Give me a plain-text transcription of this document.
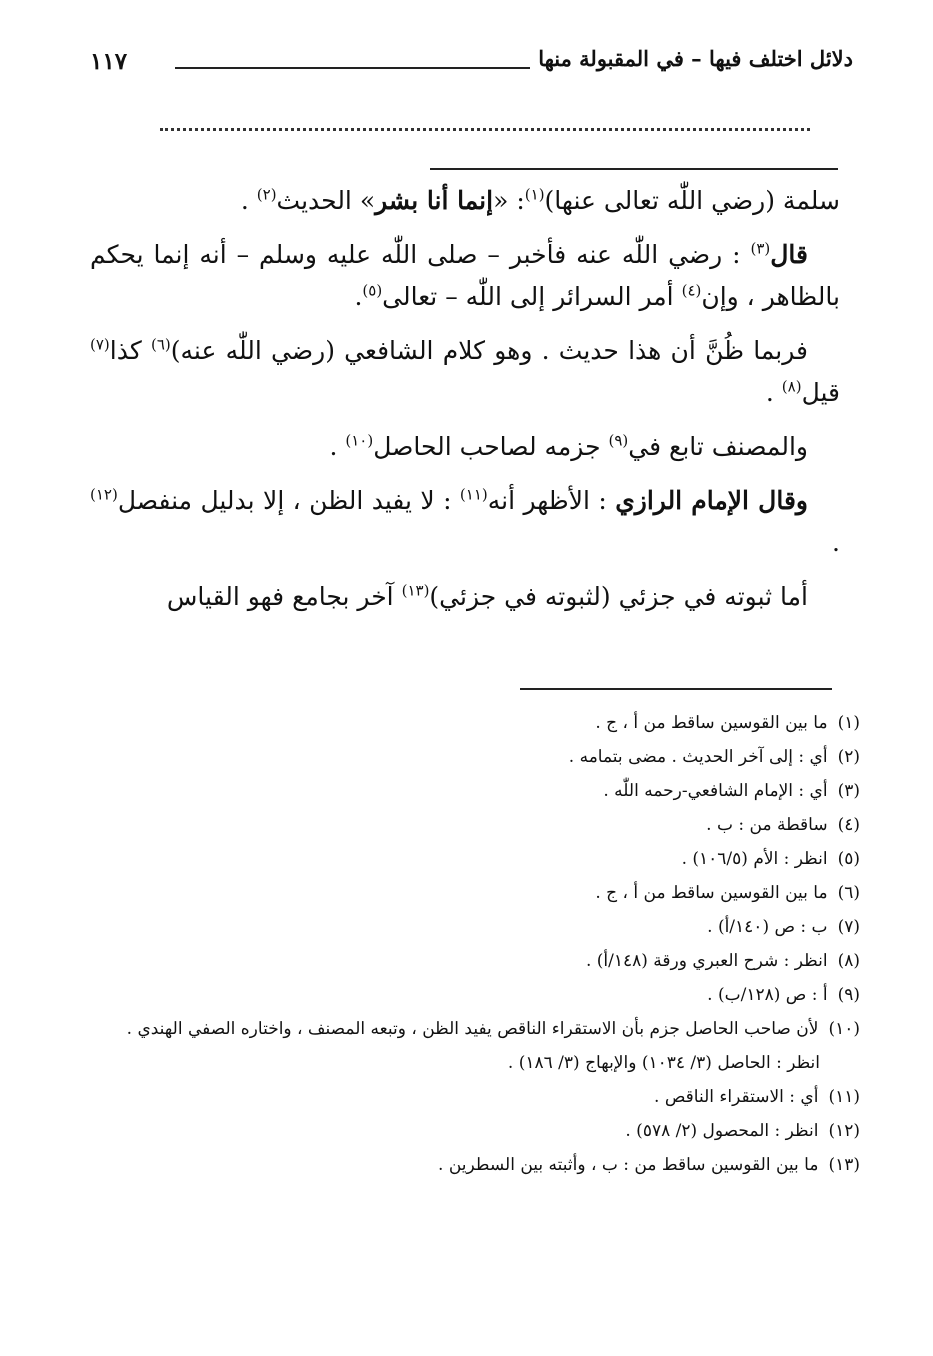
دلائل اختلف فيها – في المقبولة منها
١١٧

سلمة (رضي اللّٰه تعالى عنها)$^{(١)}$: «إنما أنا بشر» الحديث$^{(٢)}$ .

قال$^{(٣)}$ : رضي اللّٰه عنه فأخبر – صلى اللّٰه عليه وسلم – أنه إنما يحكم بالظاهر ، وإن$^{(٤)}$ أمر السرائر إلى اللّٰه – تعالى$^{(٥)}$.

فربما ظُنَّ أن هذا حديث . وهو كلام الشافعي (رضي اللّٰه عنه)$^{(٦)}$ كذا$^{(٧)}$ قيل$^{(٨)}$ .

والمصنف تابع في$^{(٩)}$ جزمه لصاحب الحاصل$^{(١٠)}$ .

وقال الإمام الرازي : الأظهر أنه$^{(١١)}$ : لا يفيد الظن ، إلا بدليل منفصل$^{(١٢)}$ .

أما ثبوته في جزئي (لثبوته في جزئي)$^{(١٣)}$ آخر بجامع فهو القياس

(١)
ما بين القوسين ساقط من أ ، ج .
(٢)
أي : إلى آخر الحديث . مضى بتمامه .
(٣)
أي : الإمام الشافعي-رحمه اللّٰه .
(٤)
ساقطة من : ب .
(٥)
انظر : الأم (١٠٦/٥) .
(٦)
ما بين القوسين ساقط من أ ، ج .
(٧)
ب : ص (١٤٠/أ) .
(٨)
انظر : شرح العبري ورقة (١٤٨/أ) .
(٩)
أ : ص (١٢٨/ب) .
(١٠)
لأن صاحب الحاصل جزم بأن الاستقراء الناقص يفيد الظن ، وتبعه المصنف ، واختاره الصفي الهندي .
انظر : الحاصل (٣/ ١٠٣٤) والإبهاج (٣/ ١٨٦) .
(١١)
أي : الاستقراء الناقص .
(١٢)
انظر : المحصول (٢/ ٥٧٨) .
(١٣)
ما بين القوسين ساقط من : ب ، وأثبته بين السطرين .
